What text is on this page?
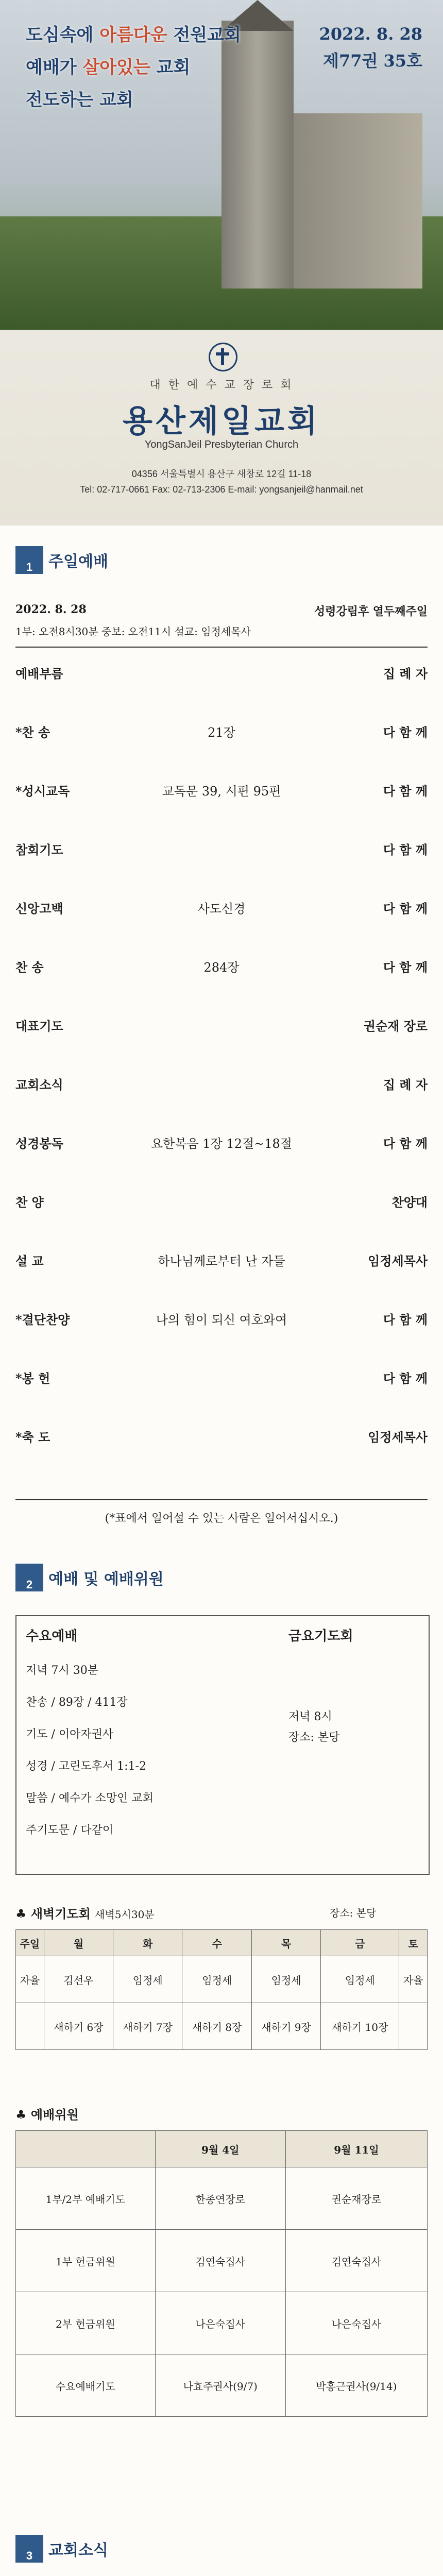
도심속에 아름다운 전원교회
예배가 살아있는 교회
전도하는 교회
2022. 8. 28
제77권 35호
대 한 예 수 교 장 로 회
용산제일교회
YongSanJeil Presbyterian Church
04356 서울특별시 용산구 새창로 12길 11-18
Tel: 02-717-0661 Fax: 02-713-2306 E-mail: yongsanjeil@hanmail.net
1	주일예배
2022. 8. 28	성령강림후 열두째주일
1부: 오전8시30분 중보: 오전11시 설교: 임정세목사
예배부름	집 례 자
*찬 송	21장	다 함 께
*성시교독	교독문 39, 시편 95편	다 함 께
참회기도	다 함 께
신앙고백	사도신경	다 함 께
찬 송	284장	다 함 께
대표기도	권순재 장로
교회소식	집 례 자
성경봉독	요한복음 1장 12절~18절	다 함 께
찬 양	찬양대
설 교	하나님께로부터 난 자들	임정세목사
*결단찬양	나의 힘이 되신 여호와여	다 함 께
*봉 헌	다 함 께
*축 도	임정세목사
(*표에서 일어설 수 있는 사람은 일어서십시오.)
2	예배 및 예배위원
수요예배
저녁 7시 30분
찬송 / 89장 / 411장
기도 / 이아자권사
성경 / 고린도후서 1:1-2
말씀 / 예수가 소망인 교회
주기도문 / 다같이
금요기도회
저녁 8시
장소: 본당
♣ 새벽기도회 새벽5시30분	장소: 본당
주일	월	화	수	목	금	토
자율	김선우	임정세	임정세	임정세	임정세	자율
	새하기 6장	새하기 7장	새하기 8장	새하기 9장	새하기 10장	
♣ 예배위원
	9월 4일	9월 11일
1부/2부 예배기도	한종연장로	권순재장로
1부 헌금위원	김연숙집사	김연숙집사
2부 헌금위원	나은숙집사	나은숙집사
수요예배기도	나효주권사(9/7)	박홍근권사(9/14)
3	교회소식
